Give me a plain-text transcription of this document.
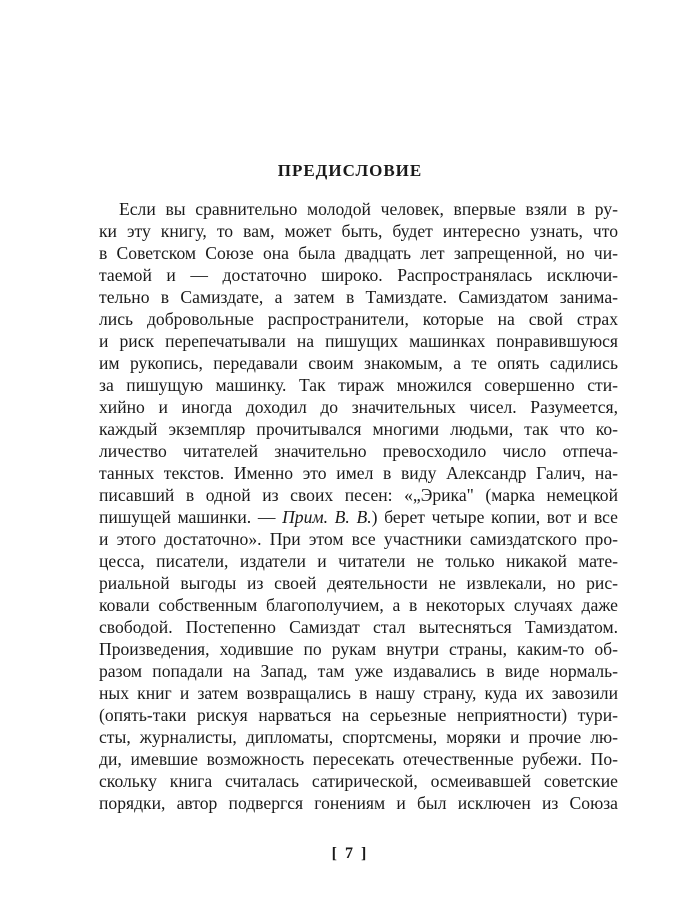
ПРЕДИСЛОВИЕ

Если вы сравнительно молодой человек, впервые взяли в ру-

ки эту книгу, то вам, может быть, будет интересно узнать, что

в Советском Союзе она была двадцать лет запрещенной, но чи-

таемой и — достаточно широко. Распространялась исключи-

тельно в Самиздате, а затем в Тамиздате. Самиздатом занима-

лись добровольные распространители, которые на свой страх

и риск перепечатывали на пишущих машинках понравившуюся

им рукопись, передавали своим знакомым, а те опять садились

за пишущую машинку. Так тираж множился совершенно сти-

хийно и иногда доходил до значительных чисел. Разумеется,

каждый экземпляр прочитывался многими людьми, так что ко-

личество читателей значительно превосходило число отпеча-

танных текстов. Именно это имел в виду Александр Галич, на-

писавший в одной из своих песен: «„Эрика" (марка немецкой

пишущей машинки. — Прим. В. В.) берет четыре копии, вот и все

и этого достаточно». При этом все участники самиздатского про-

цесса, писатели, издатели и читатели не только никакой мате-

риальной выгоды из своей деятельности не извлекали, но рис-

ковали собственным благополучием, а в некоторых случаях даже

свободой. Постепенно Самиздат стал вытесняться Тамиздатом.

Произведения, ходившие по рукам внутри страны, каким-то об-

разом попадали на Запад, там уже издавались в виде нормаль-

ных книг и затем возвращались в нашу страну, куда их завозили

(опять-таки рискуя нарваться на серьезные неприятности) тури-

сты, журналисты, дипломаты, спортсмены, моряки и прочие лю-

ди, имевшие возможность пересекать отечественные рубежи. По-

скольку книга считалась сатирической, осмеивавшей советские

порядки, автор подвергся гонениям и был исключен из Союза

[ 7 ]
